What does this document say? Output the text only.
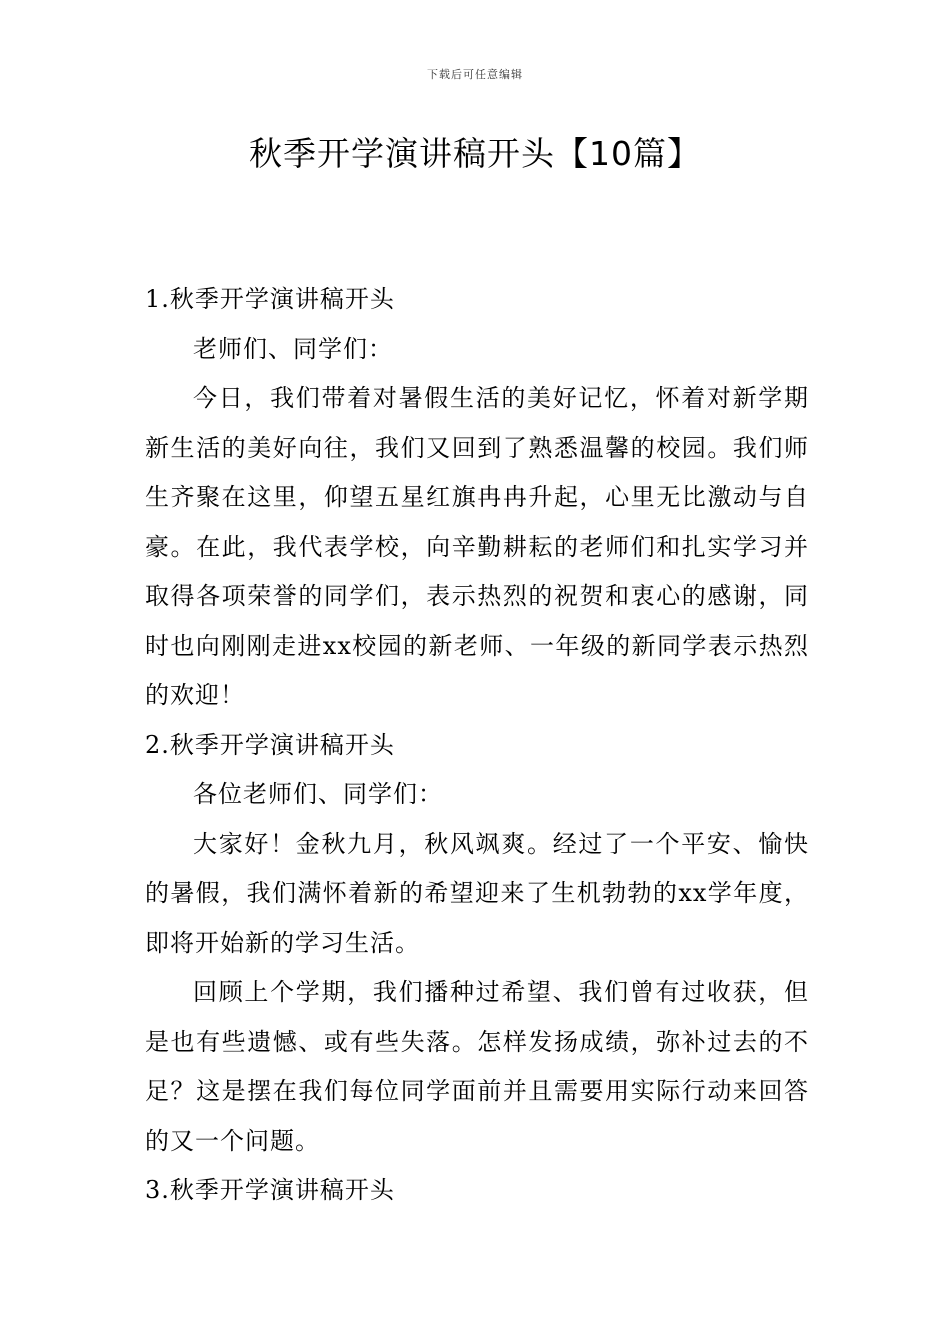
下载后可任意编辑
秋季开学演讲稿开头【10篇】

1.秋季开学演讲稿开头

老师们、同学们：

今日，我们带着对暑假生活的美好记忆，怀着对新学期新生活的美好向往，我们又回到了熟悉温馨的校园。我们师生齐聚在这里，仰望五星红旗冉冉升起，心里无比激动与自豪。在此，我代表学校，向辛勤耕耘的老师们和扎实学习并取得各项荣誉的同学们，表示热烈的祝贺和衷心的感谢，同时也向刚刚走进xx校园的新老师、一年级的新同学表示热烈的欢迎！

2.秋季开学演讲稿开头

各位老师们、同学们：

大家好！金秋九月，秋风飒爽。经过了一个平安、愉快的暑假，我们满怀着新的希望迎来了生机勃勃的xx学年度，即将开始新的学习生活。

回顾上个学期，我们播种过希望、我们曾有过收获，但是也有些遗憾、或有些失落。怎样发扬成绩，弥补过去的不足？这是摆在我们每位同学面前并且需要用实际行动来回答的又一个问题。

3.秋季开学演讲稿开头
